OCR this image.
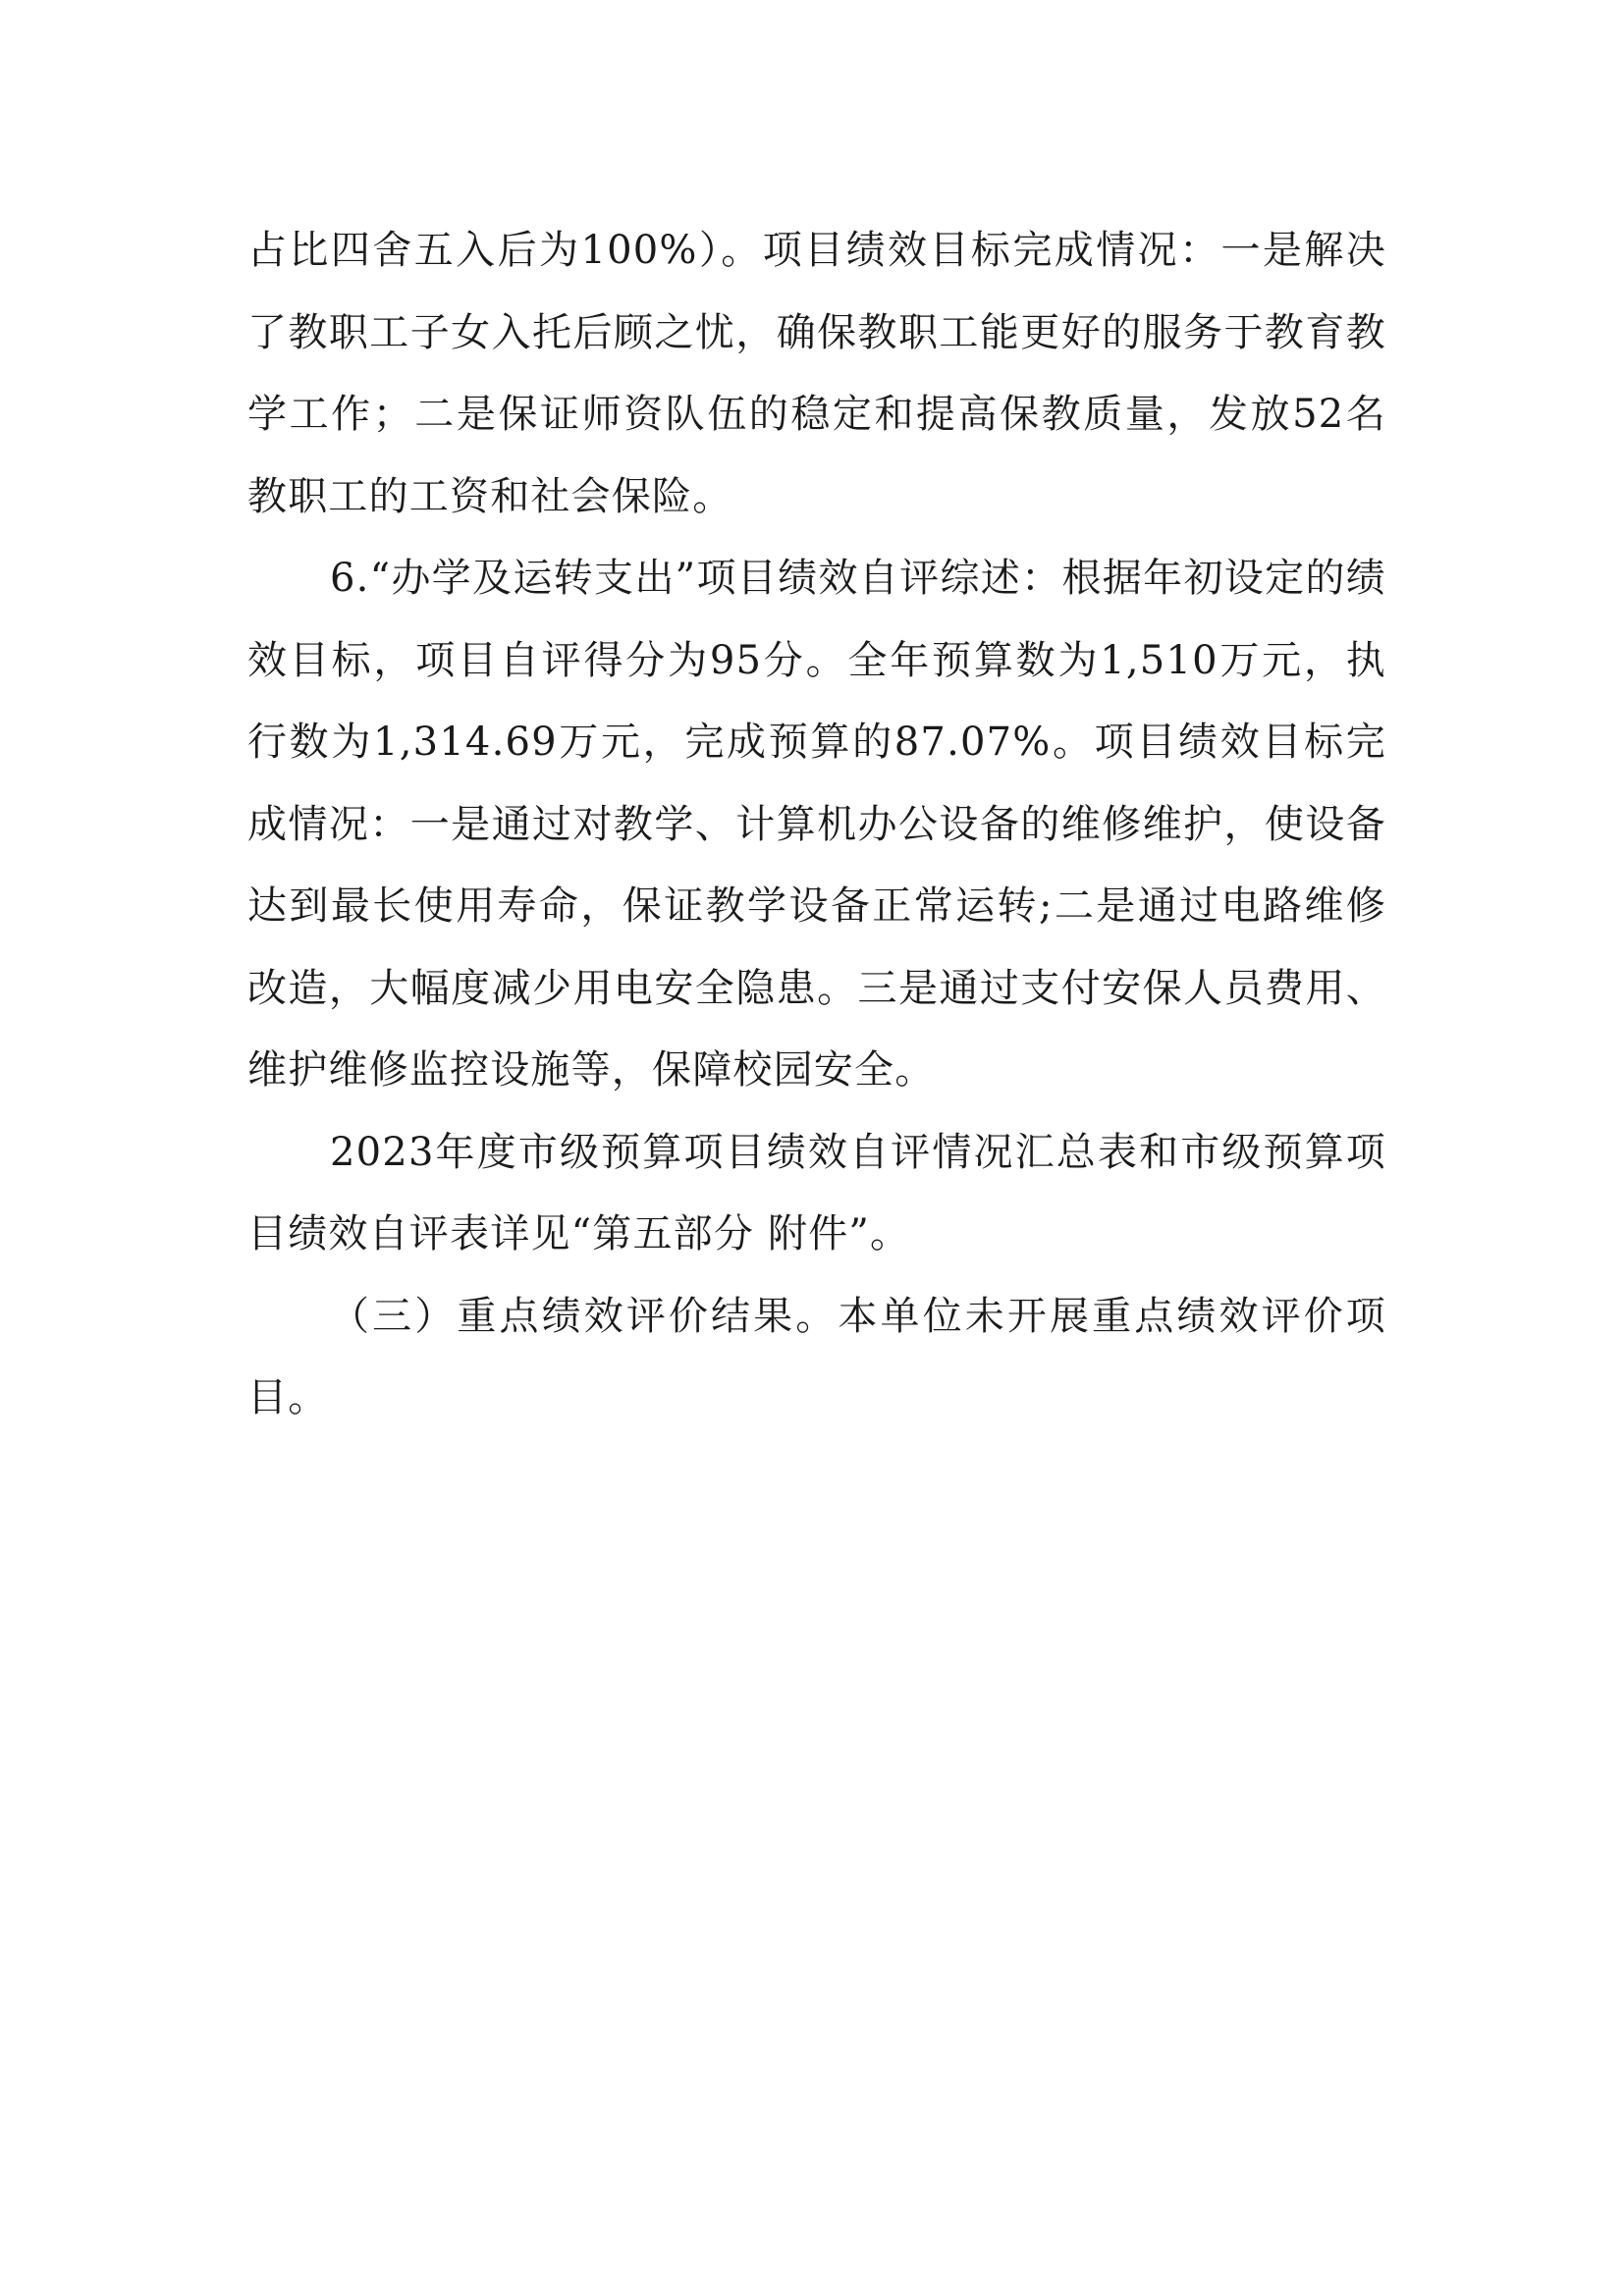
占比四舍五入后为100%）。项目绩效目标完成情况：一是解决了教职工子女入托后顾之忧，确保教职工能更好的服务于教育教学工作；二是保证师资队伍的稳定和提高保教质量，发放52名教职工的工资和社会保险。

6.“办学及运转支出”项目绩效自评综述：根据年初设定的绩效目标，项目自评得分为95分。全年预算数为1,510万元，执行数为1,314.69万元，完成预算的87.07%。项目绩效目标完成情况：一是通过对教学、计算机办公设备的维修维护，使设备达到最长使用寿命，保证教学设备正常运转;二是通过电路维修改造，大幅度减少用电安全隐患。三是通过支付安保人员费用、维护维修监控设施等，保障校园安全。

2023年度市级预算项目绩效自评情况汇总表和市级预算项目绩效自评表详见“第五部分 附件”。

（三）重点绩效评价结果。本单位未开展重点绩效评价项目。
